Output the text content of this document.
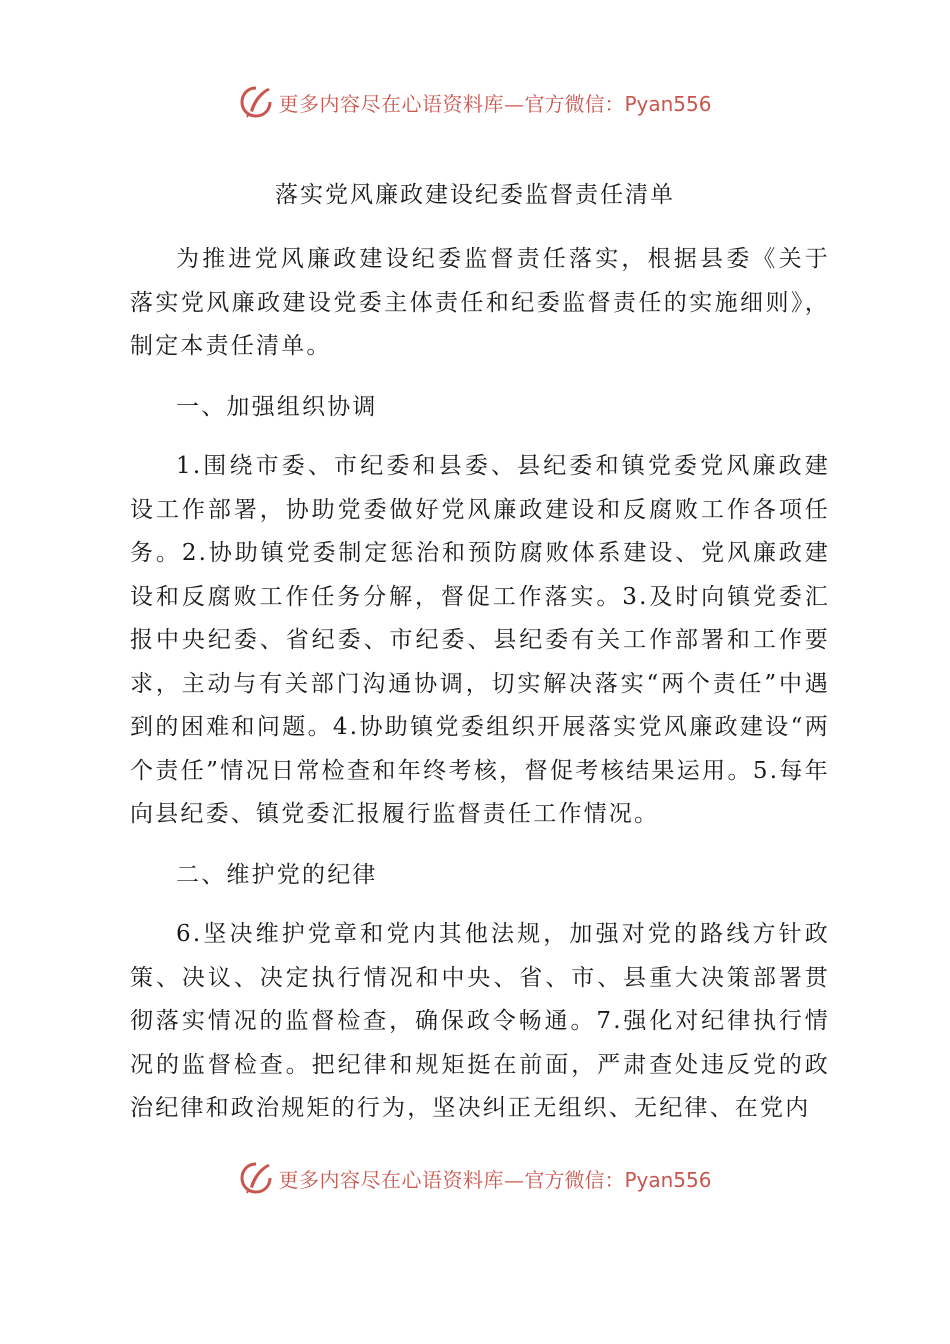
更多内容尽在心语资料库— 官方微信：Pyan556
落实党风廉政建设纪委监督责任清单

为推进党风廉政建设纪委监督责任落实，根据县委《关于落实党风廉政建设党委主体责任和纪委监督责任的实施细则》，制定本责任清单。

一、加强组织协调

1.围绕市委、市纪委和县委、县纪委和镇党委党风廉政建设工作部署，协助党委做好党风廉政建设和反腐败工作各项任务。2.协助镇党委制定惩治和预防腐败体系建设、党风廉政建设和反腐败工作任务分解，督促工作落实。3.及时向镇党委汇报中央纪委、省纪委、市纪委、县纪委有关工作部署和工作要求，主动与有关部门沟通协调，切实解决落实“两个责任”中遇到的困难和问题。4.协助镇党委组织开展落实党风廉政建设“两个责任”情况日常检查和年终考核，督促考核结果运用。5.每年向县纪委、镇党委汇报履行监督责任工作情况。

二、维护党的纪律

6.坚决维护党章和党内其他法规，加强对党的路线方针政策、决议、决定执行情况和中央、省、市、县重大决策部署贯彻落实情况的监督检查，确保政令畅通。7.强化对纪律执行情况的监督检查。把纪律和规矩挺在前面，严肃查处违反党的政治纪律和政治规矩的行为，坚决纠正无组织、无纪律、在党内

更多内容尽在心语资料库— 官方微信：Pyan556
